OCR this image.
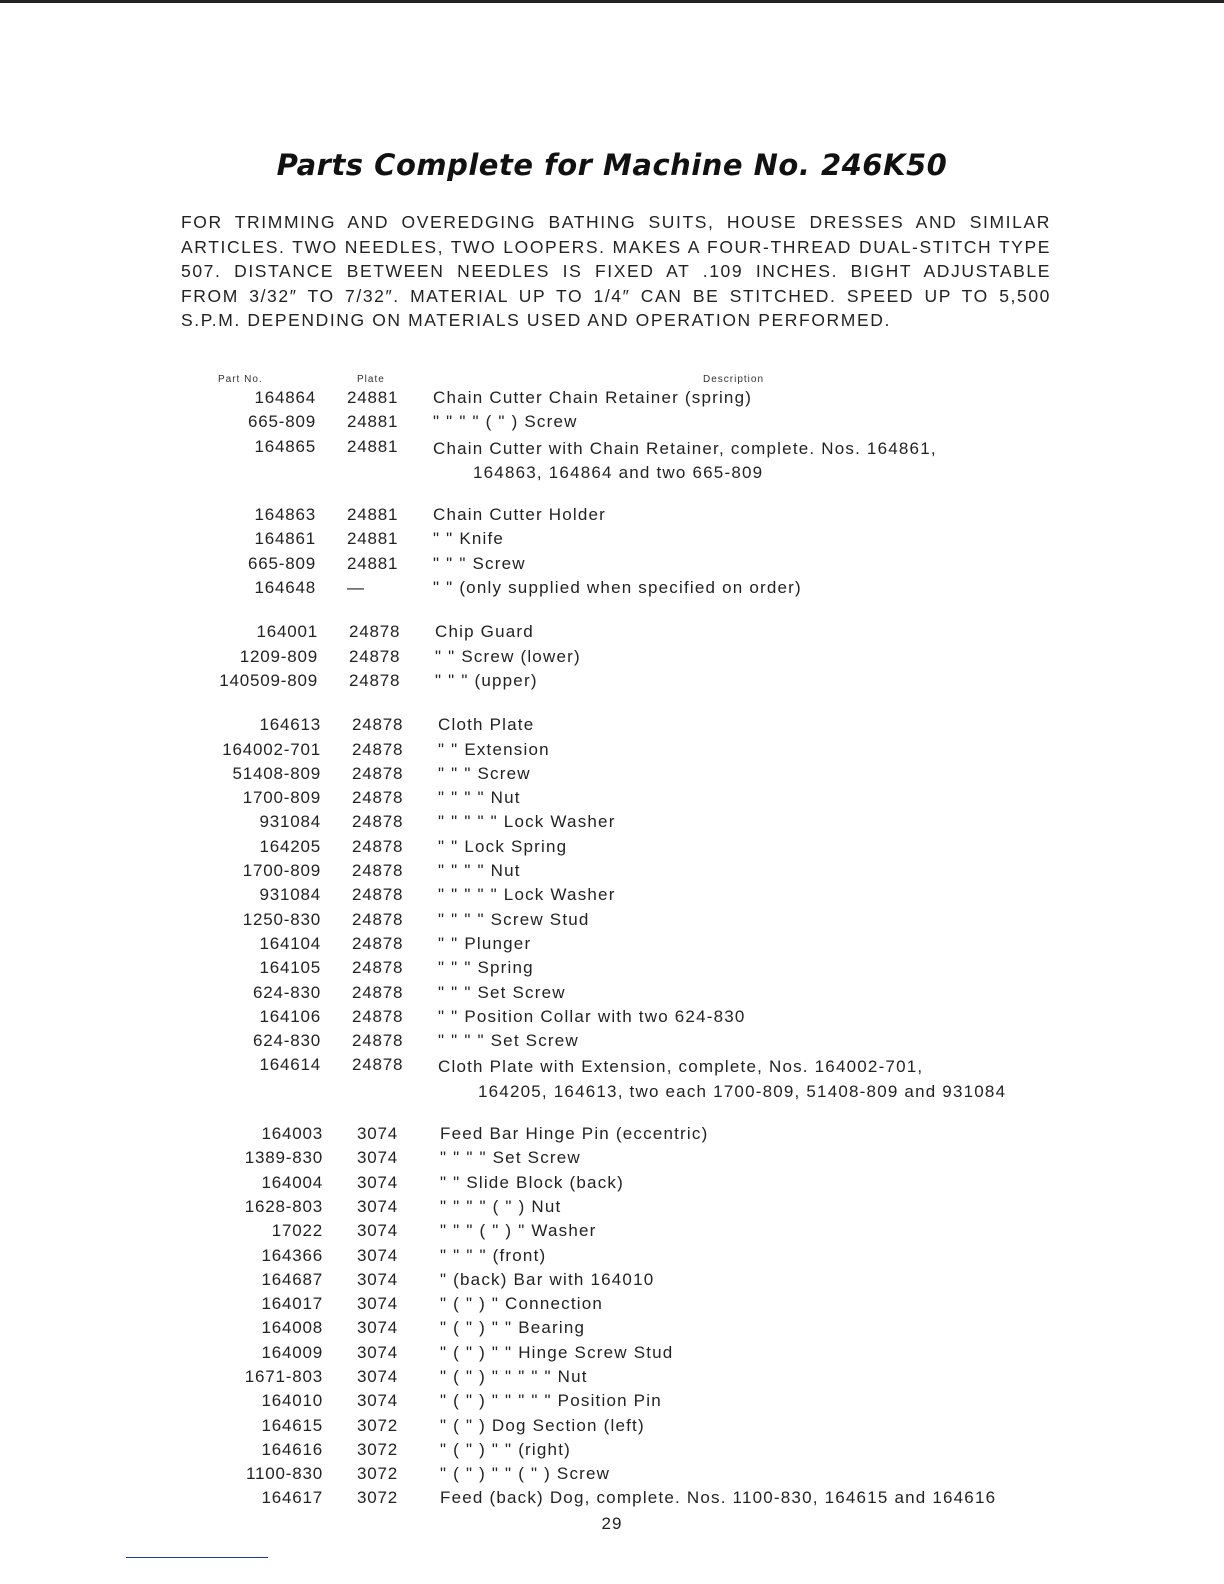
Parts Complete for Machine No. 246K50

FOR TRIMMING AND OVEREDGING BATHING SUITS, HOUSE DRESSES AND SIMILAR ARTICLES. TWO NEEDLES, TWO LOOPERS. MAKES A FOUR-THREAD DUAL-STITCH TYPE 507. DISTANCE BETWEEN NEEDLES IS FIXED AT .109 INCHES. BIGHT ADJUSTABLE FROM 3/32″ TO 7/32″. MATERIAL UP TO 1/4″ CAN BE STITCHED. SPEED UP TO 5,500 S.P.M. DEPENDING ON MATERIALS USED AND OPERATION PERFORMED.

Part No.	Plate	Description
164864 24881	Chain Cutter Chain Retainer (spring)
665-809 24881	" " " " ( " ) Screw
164865 24881	Chain Cutter with Chain Retainer, complete. Nos. 164861,
164863, 164864 and two 665-809
164863 24881	Chain Cutter Holder
164861 24881	" " Knife
665-809 24881	" " " Screw
164648 —	" " (only supplied when specified on order)
164001 24878	Chip Guard
1209-809 24878	" " Screw (lower)
140509-809 24878	" " " (upper)
164613 24878	Cloth Plate
164002-701 24878	" " Extension
51408-809 24878	" " " Screw
1700-809 24878	" " " " Nut
931084 24878	" " " " " Lock Washer
164205 24878	" " Lock Spring
1700-809 24878	" " " " Nut
931084 24878	" " " " " Lock Washer
1250-830 24878	" " " " Screw Stud
164104 24878	" " Plunger
164105 24878	" " " Spring
624-830 24878	" " " Set Screw
164106 24878	" " Position Collar with two 624-830
624-830 24878	" " " " Set Screw
164614 24878	Cloth Plate with Extension, complete, Nos. 164002-701,
164205, 164613, two each 1700-809, 51408-809 and 931084
164003 3074	Feed Bar Hinge Pin (eccentric)
1389-830 3074	" " " " Set Screw
164004 3074	" " Slide Block (back)
1628-803 3074	" " " " ( " ) Nut
17022 3074	" " " ( " ) " Washer
164366 3074	" " " " (front)
164687 3074	" (back) Bar with 164010
164017 3074	" ( " ) " Connection
164008 3074	" ( " ) " " Bearing
164009 3074	" ( " ) " " Hinge Screw Stud
1671-803 3074	" ( " ) " " " " " Nut
164010 3074	" ( " ) " " " " " Position Pin
164615 3072	" ( " ) Dog Section (left)
164616 3072	" ( " ) " " (right)
1100-830 3072	" ( " ) " " ( " ) Screw
164617 3072	Feed (back) Dog, complete. Nos. 1100-830, 164615 and 164616
29
